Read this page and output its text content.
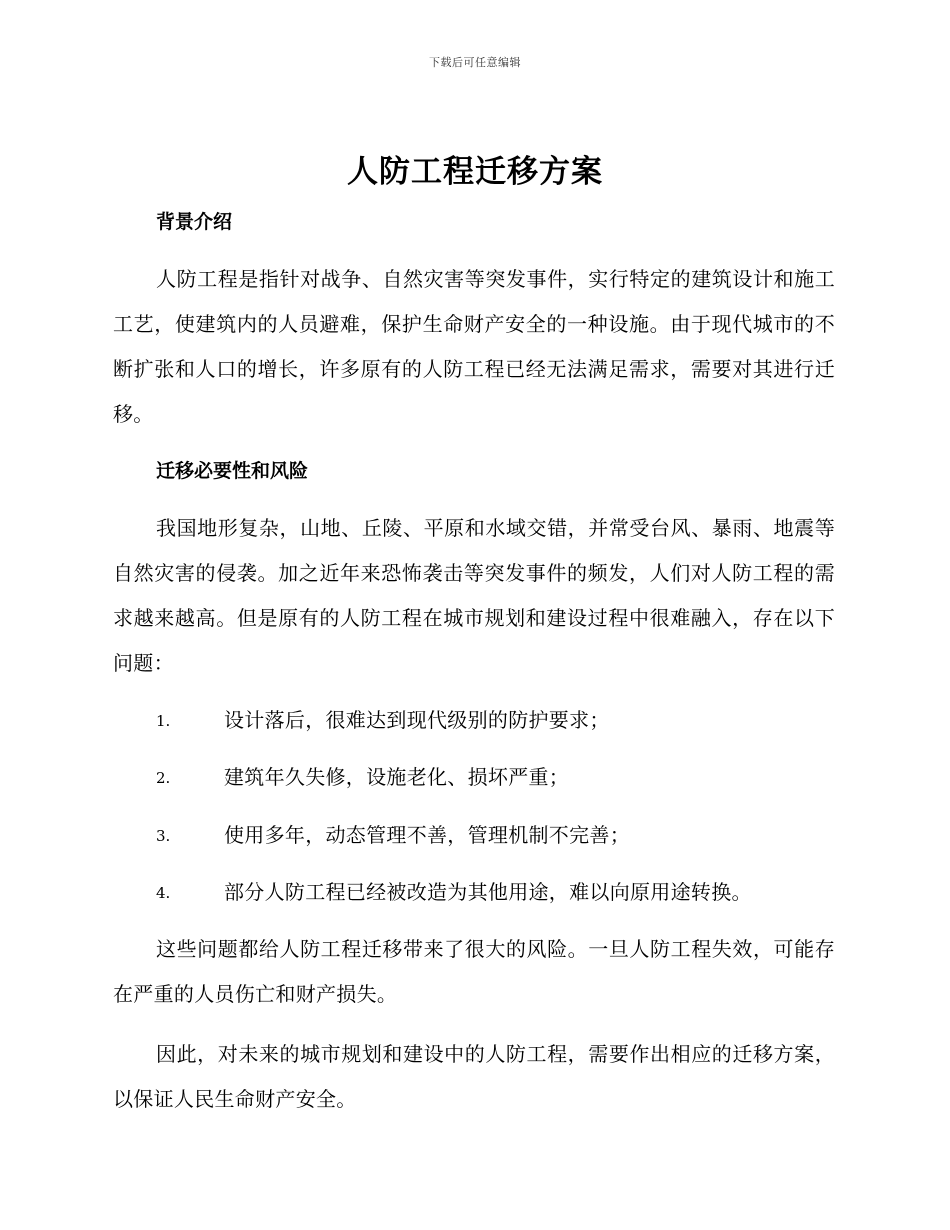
下载后可任意编辑
人防工程迁移方案
背景介绍
人防工程是指针对战争、自然灾害等突发事件，实行特定的建筑设计和施工工艺，使建筑内的人员避难，保护生命财产安全的一种设施。由于现代城市的不断扩张和人口的增长，许多原有的人防工程已经无法满足需求，需要对其进行迁移。
迁移必要性和风险
我国地形复杂，山地、丘陵、平原和水域交错，并常受台风、暴雨、地震等自然灾害的侵袭。加之近年来恐怖袭击等突发事件的频发，人们对人防工程的需求越来越高。但是原有的人防工程在城市规划和建设过程中很难融入，存在以下问题：
1.	设计落后，很难达到现代级别的防护要求；
2.	建筑年久失修，设施老化、损坏严重；
3.	使用多年，动态管理不善，管理机制不完善；
4.	部分人防工程已经被改造为其他用途，难以向原用途转换。
这些问题都给人防工程迁移带来了很大的风险。一旦人防工程失效，可能存在严重的人员伤亡和财产损失。
因此，对未来的城市规划和建设中的人防工程，需要作出相应的迁移方案，以保证人民生命财产安全。
